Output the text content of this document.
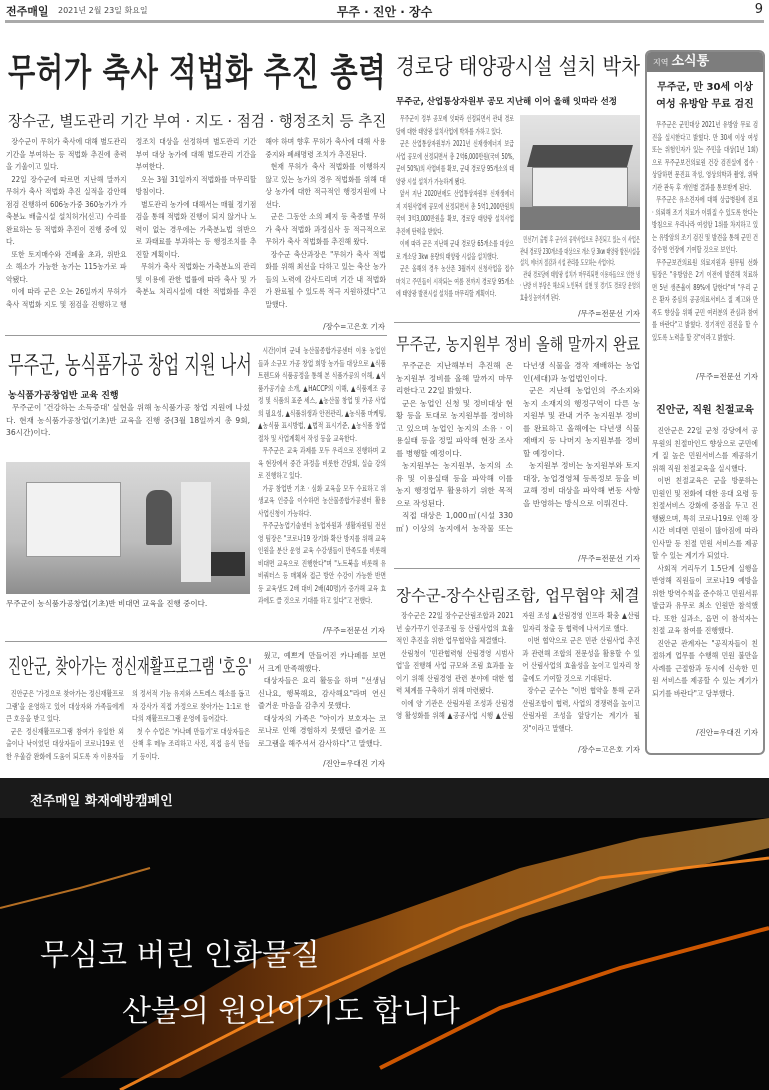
전주매일 2021년 2월 23일 화요일	무주 · 진안 · 장수	9
무허가 축사 적법화 추진 총력
장수군, 별도관리 기간 부여 · 지도 · 점검 · 행정조치 등 추진

장수군이 무허가 축사에 대해 별도관리 기간을 부여하는 등 적법화 추진에 총력을 기울이고 있다.

22일 장수군에 따르면 지난해 말까지 무허가 축사 적법화 추진 실적을 감안해 점검 진행하여 606농가중 360농가가 가축분뇨 배출시설 설치허가(신고) 수리를 완료하는 등 적법화 추진이 진행 중에 있다.

또한 토지매수와 건폐율 초과, 위반요소 해소가 가능한 농가는 115농가로 파악됐다.

이에 따라 군은 오는 26일까지 무허가 축사 적법화 지도 및 점검을 진행하고 행정조치 대상을 선정하며 별도관리 기간 부여 대상 농가에 대해 별도관리 기간을 부여한다.

오는 3월 31일까지 적법화를 마무리할 방침이다.

별도관리 농가에 대해서는 매월 정기점검을 통해 적법화 진행이 되지 않거나 노력이 없는 경우에는 가축분뇨법 위반으로 과태료를 부과하는 등 행정조치를 추진할 계획이다.

무허가 축사 적법화는 가축분뇨의 관리 및 이용에 관한 법률에 따라 축사 및 가축분뇨 처리시설에 대한 적법화를 추진해야 하며 향후 무허가 축사에 대해 사용중지와 폐쇄명령 조치가 추진된다.

현재 무허가 축사 적법화를 이행하지 않고 있는 농가의 경우 적법화를 위해 대상 농가에 대한 적극적인 행정지원에 나선다.

군은 그동안 소의 폐지 등 축종별 무허가 축사 적법화 과정심사 등 적극적으로 무허가 축사 적법화를 추진해 왔다.

장수군 축산과장은 "무허가 축사 적법화를 위해 최선을 다하고 있는 축산 농가들의 노력에 감사드리며 기간 내 적법화가 완료될 수 있도록 적극 지원하겠다"고 말했다.

/장수=고은호 기자
무주군, 농식품가공 창업 지원 나서
농식품가공창업반 교육 진행

무주군이 '건강하는 소득증대' 실현을 위해 농식품가공 창업 지원에 나섰다. 현재 농식품가공창업(기초)반 교육을 진행 중(3월 18일까지 총 9회, 36시간)이다.

무주군이 농식품가공창업(기초)반 비대면 교육을 진행 중이다.

시간)이며 군내 농산물종합가공센터 이용 농업인들과 소규모 가공 창업 희망 농가들 대상으로 ▲식품트렌드와 식품공정을 통해 본 식품가공의 이해, ▲식품가공기술 소개, ▲HACCP의 이해, ▲식품제조 공정 및 식품의 표준 세스, ▲농산물 창업 및 가공 사업의 필요성, ▲식품위생과 안전관리, ▲농식품 마케팅, ▲농식품 표시방법, ▲법적 표시기준, ▲농식품 창업절차 및 사업계획서 작성 등을 교육한다.

무주군은 교육 과제를 모두 우리으로 진행하며 교육 현장에서 중간 과정을 비롯한 간담회, 실습 강의로 진행하고 있다.

가공 창업반 기초 · 심화 교육을 모두 수료하고 위생교육 인증을 이수하면 농산물종합가공센터 활용 사업신청이 가능하다.

무주군농업기술센터 농업자원과 생활자원팀 전선영 팀장은 "코로나19 장기화 확산 방지를 위해 교육 인원을 분산 운영 교육 수강생들이 만족도를 비롯해 비대면 교육으로 진행한다"며 "노트북을 비롯해 유비쿼터스 등 매체와 접근 방안 수강이 가능한 반면 등 교육생도 2배 대비 2배(40명)가 증가해 교육 효과에도 클 것으로 기대를 하고 있다"고 전했다.

/무주=전문선 기자
진안군, 찾아가는 정신재활프로그램 '호응'

진안군은 '가정으로 찾아가는 정신재활프로그램'을 운영하고 있어 대상자와 가족들에게 큰 호응을 받고 있다.

군은 정신재활프로그램 참여가 유일한 외출이나 낙이었던 대상자들이 코로나19로 인한 우울감 완화에 도움이 되도록 자 이용자들의 정서적 기능 유지와 스트레스 해소를 돕고자 강사가 직접 가정으로 찾아가는 1:1로 한다의 재활프로그램 운영에 들어갔다.

첫 수 수업은 '카나페 만들기'로 대상자들은 산책 후 메뉴 조리하고 사진, 직접 음식 만들기 등이다.

웠고, 예쁘게 만들어진 카나페를 보면서 크게 만족해했다.

대상자들은 요리 활동을 하며 "선생님 신나요, 행복해요, 감사해요"라며 연신 즐거운 마음을 감추지 못했다.

대상자의 가족은 "아이가 보호자는 코로나로 인해 경험하지 못했던 즐거운 프로그램을 해주셔서 감사하다"고 말했다.

/진안=우대진 기자
경로당 태양광시설 설치 박차
무주군, 산업통상자원부 공모 지난해 이어 올해 잇따라 선정

무주군이 정부 공모에 잇따라 선정되면서 관내 경로당에 대한 태양광 설치사업에 박차를 가하고 있다.

군은 산업통상자원부가 2021년 신재생에너지 보급사업 공모에 선정되면서 총 2억6,000만원(국비 50%, 군비 50%)의 사업비를 확보, 군내 경로당 95개소의 태양광 시설 설치가 가능하게 됐다.

앞서 지난 2020년에도 산업통상자원부 신재생에너지 지원사업에 공모에 선정되면서 총 5억1,200만원의 국비 3억3,000만원을 확보, 경로당 태양광 설치사업 추진에 탄력을 받았다.

이에 따라 군은 지난해 군내 경로당 65개소를 대상으로 개소당 3kw 용량의 태양광 시설을 설치했다.

군은 올해의 경우 농산촌 3월까지 신청사업을 접수 마치고 주민들이 시작되는 여름 전까지 경로당 95개소에 태양광 발전시설 설치를 마무리할 계획이다.

민선7기 출범 후 군수의 공약사업으로 추진되고 있는 이 사업은 관내 경로당 230개소를 대상으로 개소 당 3kw 태양광 발전시설을 설치, 에너지 절감과 시설 관리를 도모하는 사업이다.

관내 경로당에 태양광 설치가 마무리되면 이용자들으로 인한 냉 · 난방 비 부담은 해소되 노인복지 실현 및 경기도 경로당 운영의 효율성 높아지게 된다.

/무주=전문선 기자
무주군, 농지원부 정비 올해 말까지 완료

무주군은 지난해부터 추진해 온 농지원부 정비를 올해 말까지 마무리한다고 22일 밝혔다.

군은 농업인 신청 및 정비대상 현황 등을 토대로 농지원부를 정비하고 있으며 농업인 농지의 소유 · 이용실태 등을 정밀 파악해 현장 조사를 병행할 예정이다.

농지원부는 농지원부, 농지의 소유 및 이용실태 등을 파악해 이를 농지 행정업무 활용하기 위한 목적으로 작성된다.

직접 대상은 1,000㎡(시설 330㎡) 이상의 농지에서 농작물 또는 다년생 식물을 경작 재배하는 농업인(세대)과 농업법인이다.

군은 지난해 농업인의 주소지와 농지 소재지의 행정구역이 다른 농지원부 및 관내 거주 농지원부 정비를 완료하고 올해에는 다년생 식물 재배지 등 나머지 농지원부를 정비할 예정이다.

농지원부 정비는 농지원부와 토지대장, 농업경영체 등록정보 등을 비교해 정비 대상을 파악해 변동 사항을 반영하는 방식으로 이뤄진다.

/무주=전문선 기자
장수군-장수산림조합, 업무협약 체결

장수군은 22일 장수군산림조합과 2021년 숲가꾸기 인공조림 등 산림사업의 효율적인 추진을 위한 업무협약을 체결했다.

산림청이 '민관협력형 산림경영 시범사업'을 진행해 사업 규모와 조림 효과를 높이기 위해 산림경영 관련 분야에 대한 협력 체계를 구축하기 위해 마련됐다.

이에 양 기관은 산림자원 조성과 산림경영 활성화를 위해 ▲공공사업 시행 ▲산림자원 조성 ▲산림경영 인프라 확충 ▲산림일자리 창출 등 협력에 나서기로 했다.

이번 협약으로 군은 민관 산림사업 추진과 관련해 조합의 전문성을 활용할 수 있어 산림사업의 효율성을 높이고 일자리 창출에도 기여할 것으로 기대된다.

장수군 군수는 "이번 협약을 통해 군과 산림조합이 협력, 사업의 경쟁력을 높이고 산림자원 조성을 앞당기는 계기가 될 것"이라고 말했다.

/장수=고은호 기자
지역 소식통
무주군, 만 30세 이상
여성 유방암 무료 검진

무주군은 군민대상 2021년 유방암 무료 검진을 실시한다고 밝혔다. 만 30세 이상 여성 또는 위험인자가 있는 주민을 대상(1년 1회)으로 무주군보건의료원 건강 검진실에 접수 · 상담하면 문진표 작성, 영상의학과 촬영, 위탁기관 판독 후 개인별 결과를 통보받게 된다.

무주군은 유소견자에 대해 상급병원에 진료 · 의뢰해 조기 치료가 이뤄질 수 있도록 한다는 방침으로 우리나라 여성암 1위를 차지하고 있는 유방암의 조기 검진 및 발견을 통해 군민 건강수명 연장에 기여할 것으로 보인다.

무주군보건의료원 의료지원과 원무팀 선화 팀장은 "유방암은 2기 이전에 발견해 치료하면 5년 생존율이 89%에 달한다"며 "우리 군은 환자 중심의 공공의료서비스 질 제고와 만족도 향상을 위해 군민 여러분의 관심과 참여를 바란다"고 밝혔다. 정기적인 검진을 할 수 있도록 노력을 할 것"이라고 밝혔다.

/무주=전문선 기자
진안군, 직원 친절교육

진안군은 22일 군청 강당에서 공무원의 친절마인드 향상으로 군민에게 질 높은 민원서비스를 제공하기 위해 직원 친절교육을 실시했다.

이번 친절교육은 군을 방문하는 민원인 및 전화에 대한 응대 요령 등 친절서비스 강화에 중점을 두고 진행됐으며, 특히 코로나19로 인해 장시간 비대면 민원이 많아짐에 따라 인사말 등 친절 민원 서비스를 제공할 수 있는 계기가 되었다.

사회적 거리두기 1.5단계 실행을 반영해 직원들이 코로나19 예방을 위한 방역수칙을 준수하고 민원서류 발급과 유무로 최소 인원만 참석했다. 또한 실과소, 읍면 이 참석자는 친절 교육 참여를 진행했다.

진안군 관계자는 "공직자들이 친절하게 업무를 수행해 민원 불만을 사례를 근절함과 동시에 신속한 민원 서비스를 제공할 수 있는 계기가 되기를 바란다"고 당부했다.

/진안=우대진 기자
전주매일 화재예방캠페인
무심코 버린 인화물질
산불의 원인이기도 합니다
